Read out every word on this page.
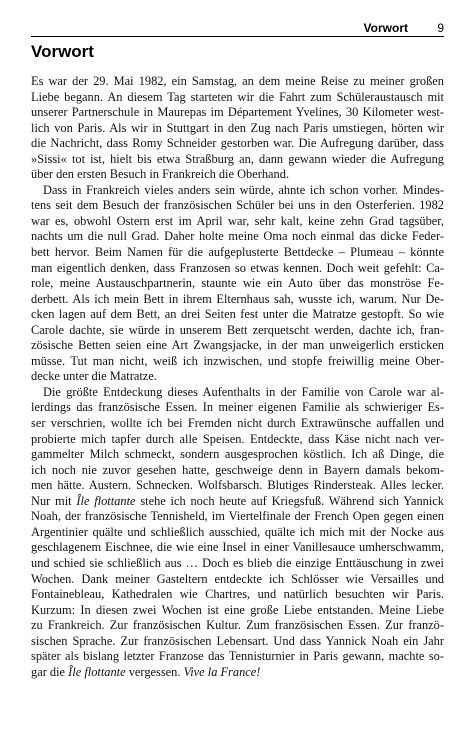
Vorwort 9
Vorwort
Es war der 29. Mai 1982, ein Samstag, an dem meine Reise zu meiner großen
Liebe begann. An diesem Tag starteten wir die Fahrt zum Schüleraustausch mit
unserer Partnerschule in Maurepas im Département Yvelines, 30 Kilometer west-
lich von Paris. Als wir in Stuttgart in den Zug nach Paris umstiegen, hörten wir
die Nachricht, dass Romy Schneider gestorben war. Die Aufregung darüber, dass
»Sissi« tot ist, hielt bis etwa Straßburg an, dann gewann wieder die Aufregung
über den ersten Besuch in Frankreich die Oberhand.
Dass in Frankreich vieles anders sein würde, ahnte ich schon vorher. Mindes-
tens seit dem Besuch der französischen Schüler bei uns in den Osterferien. 1982
war es, obwohl Ostern erst im April war, sehr kalt, keine zehn Grad tagsüber,
nachts um die null Grad. Daher holte meine Oma noch einmal das dicke Feder-
bett hervor. Beim Namen für die aufgeplusterte Bettdecke – Plumeau – könnte
man eigentlich denken, dass Franzosen so etwas kennen. Doch weit gefehlt: Ca-
role, meine Austauschpartnerin, staunte wie ein Auto über das monströse Fe-
derbett. Als ich mein Bett in ihrem Elternhaus sah, wusste ich, warum. Nur De-
cken lagen auf dem Bett, an drei Seiten fest unter die Matratze gestopft. So wie
Carole dachte, sie würde in unserem Bett zerquetscht werden, dachte ich, fran-
zösische Betten seien eine Art Zwangsjacke, in der man unweigerlich ersticken
müsse. Tut man nicht, weiß ich inzwischen, und stopfe freiwillig meine Ober-
decke unter die Matratze.
Die größte Entdeckung dieses Aufenthalts in der Familie von Carole war al-
lerdings das französische Essen. In meiner eigenen Familie als schwieriger Es-
ser verschrien, wollte ich bei Fremden nicht durch Extrawünsche auffallen und
probierte mich tapfer durch alle Speisen. Entdeckte, dass Käse nicht nach ver-
gammelter Milch schmeckt, sondern ausgesprochen köstlich. Ich aß Dinge, die
ich noch nie zuvor gesehen hatte, geschweige denn in Bayern damals bekom-
men hätte. Austern. Schnecken. Wolfsbarsch. Blutiges Rindersteak. Alles lecker.
Nur mit Île flottante stehe ich noch heute auf Kriegsfuß. Während sich Yannick
Noah, der französische Tennisheld, im Viertelfinale der French Open gegen einen
Argentinier quälte und schließlich ausschied, quälte ich mich mit der Nocke aus
geschlagenem Eischnee, die wie eine Insel in einer Vanillesauce umherschwamm,
und schied sie schließlich aus … Doch es blieb die einzige Enttäuschung in zwei
Wochen. Dank meiner Gasteltern entdeckte ich Schlösser wie Versailles und
Fontainebleau, Kathedralen wie Chartres, und natürlich besuchten wir Paris.
Kurzum: In diesen zwei Wochen ist eine große Liebe entstanden. Meine Liebe
zu Frankreich. Zur französischen Kultur. Zum französischen Essen. Zur franzö-
sischen Sprache. Zur französischen Lebensart. Und dass Yannick Noah ein Jahr
später als bislang letzter Franzose das Tennisturnier in Paris gewann, machte so-
gar die Île flottante vergessen. Vive la France!
